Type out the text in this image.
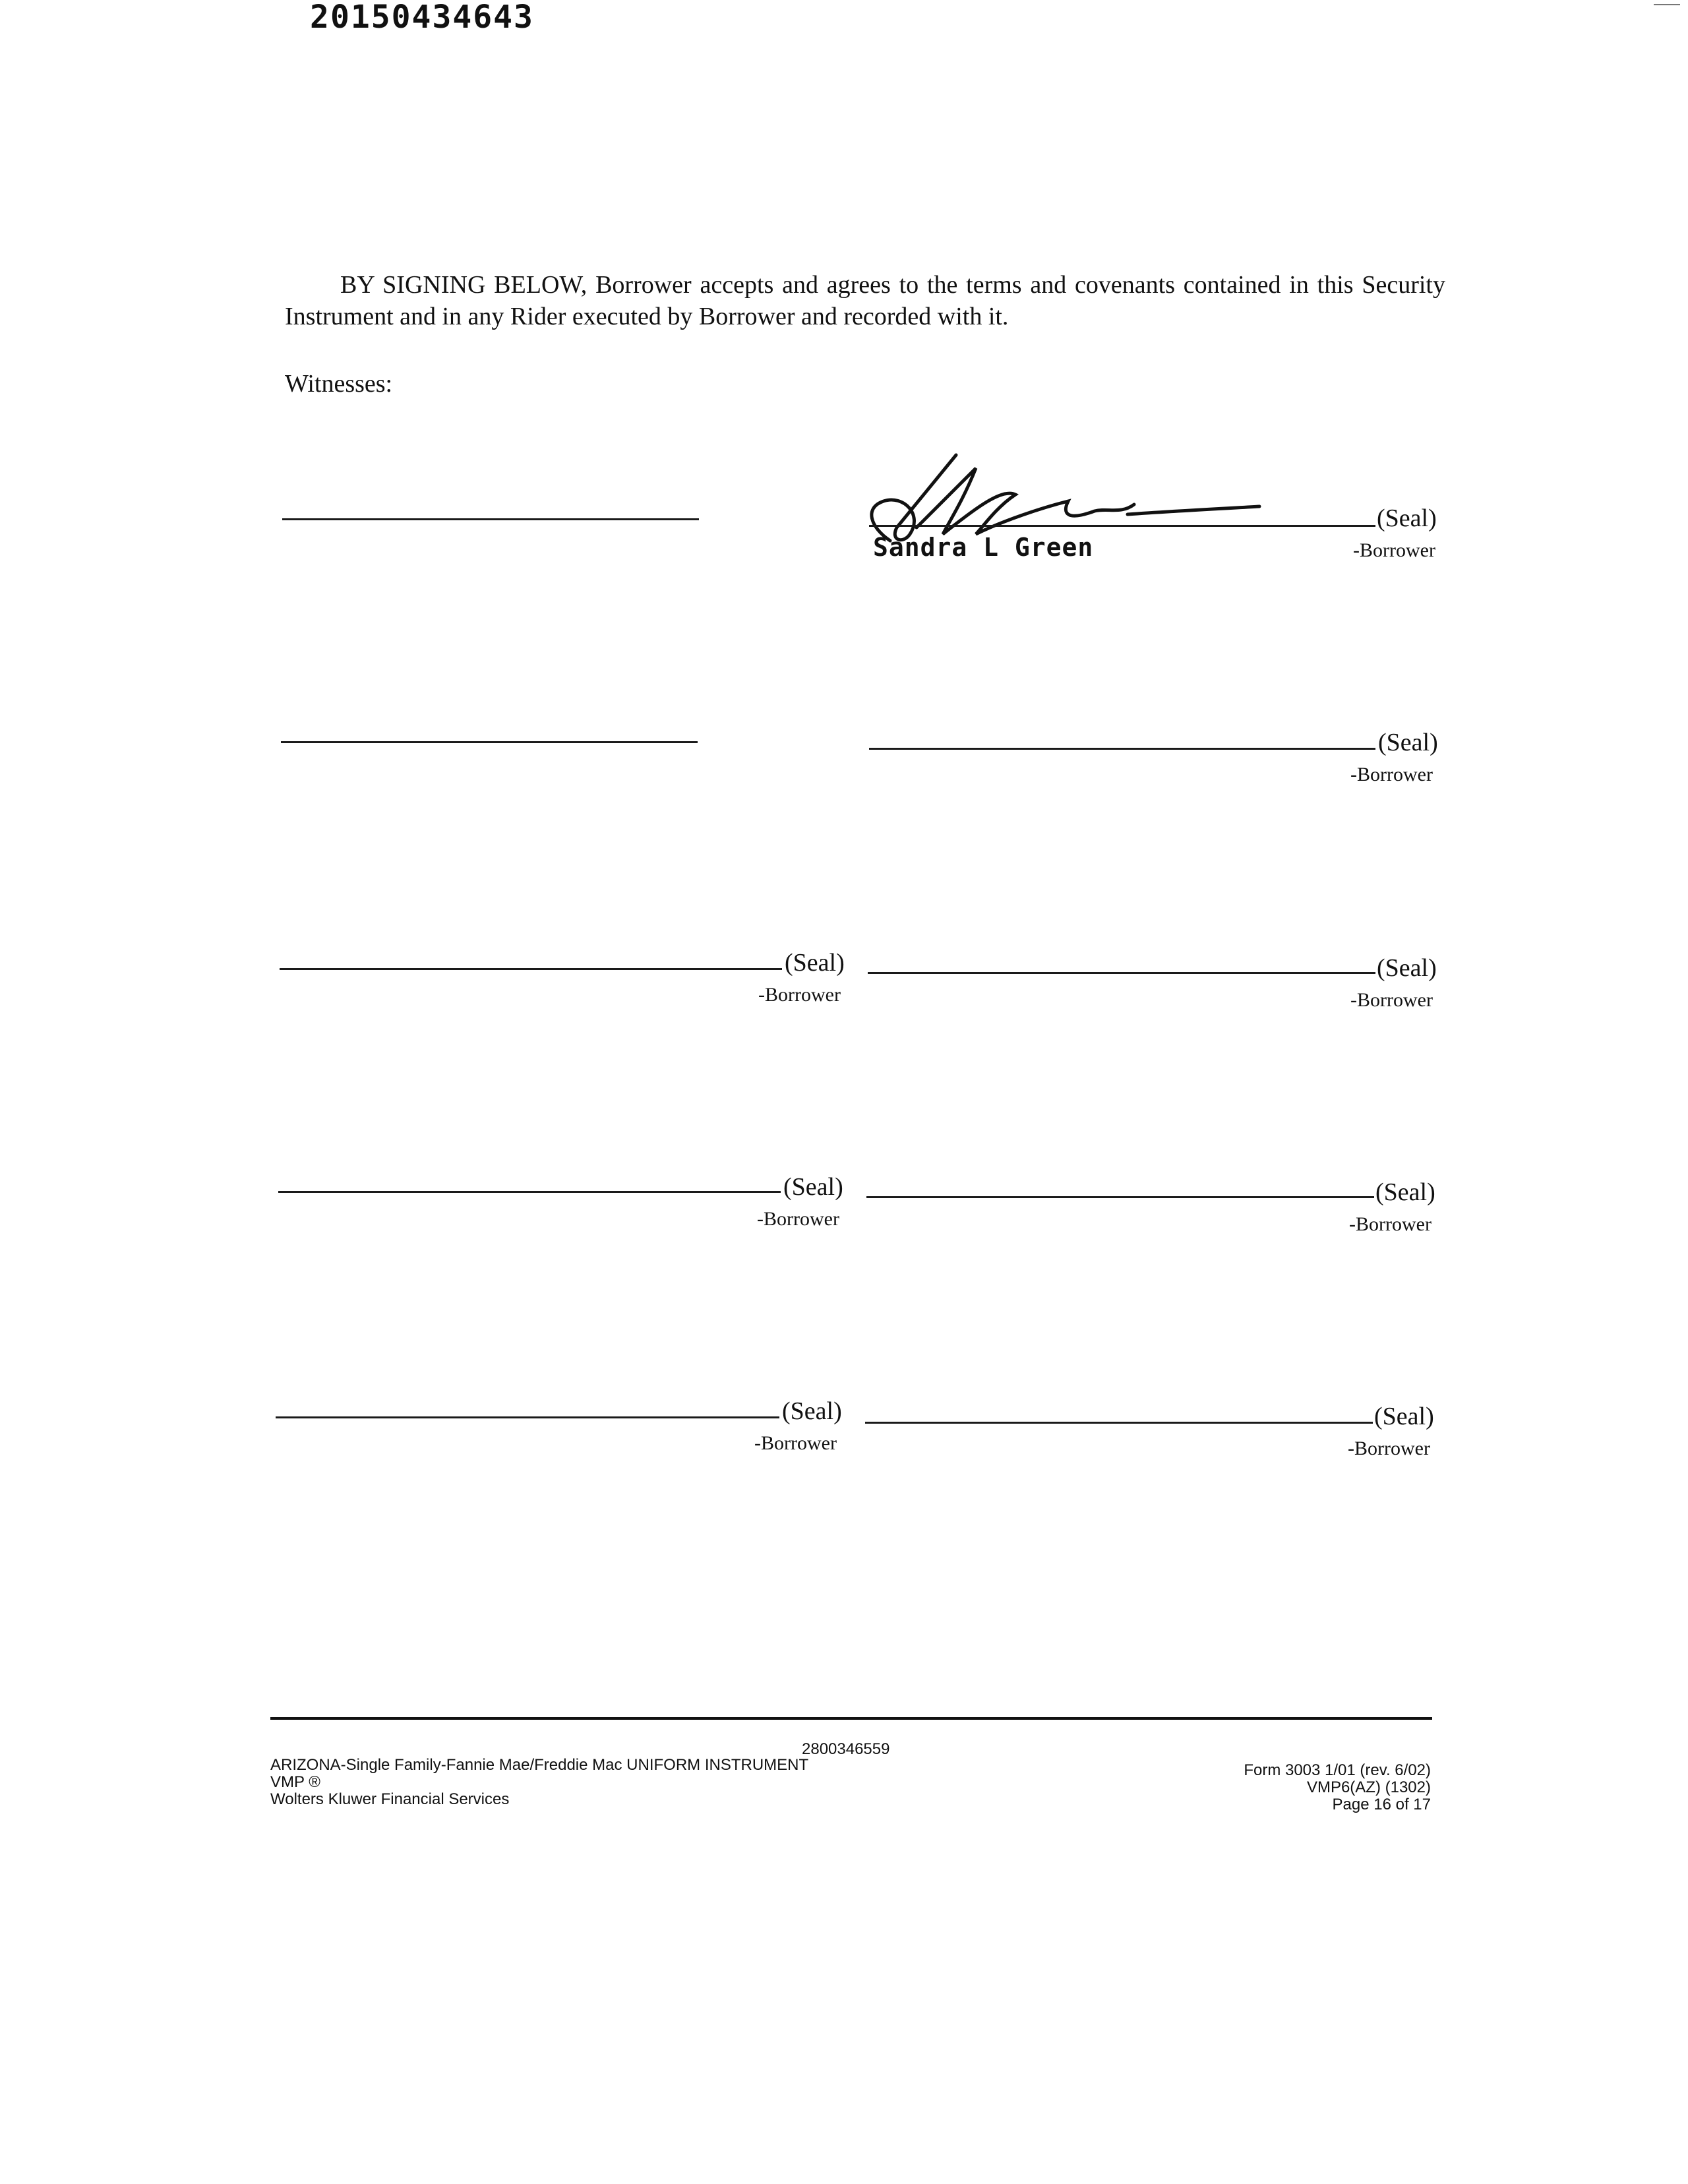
20150434643

BY SIGNING BELOW, Borrower accepts and agrees to the terms and covenants contained in this Security Instrument and in any Rider executed by Borrower and recorded with it.

Witnesses:
(Seal)
-Borrower
Sandra L Green
(Seal)
-Borrower
(Seal)
-Borrower
(Seal)
-Borrower
(Seal)
-Borrower
(Seal)
-Borrower
(Seal)
-Borrower
(Seal)
-Borrower
2800346559
ARIZONA-Single Family-Fannie Mae/Freddie Mac UNIFORM INSTRUMENT
VMP ®
Wolters Kluwer Financial Services
Form 3003 1/01 (rev. 6/02)
VMP6(AZ) (1302)
Page 16 of 17
